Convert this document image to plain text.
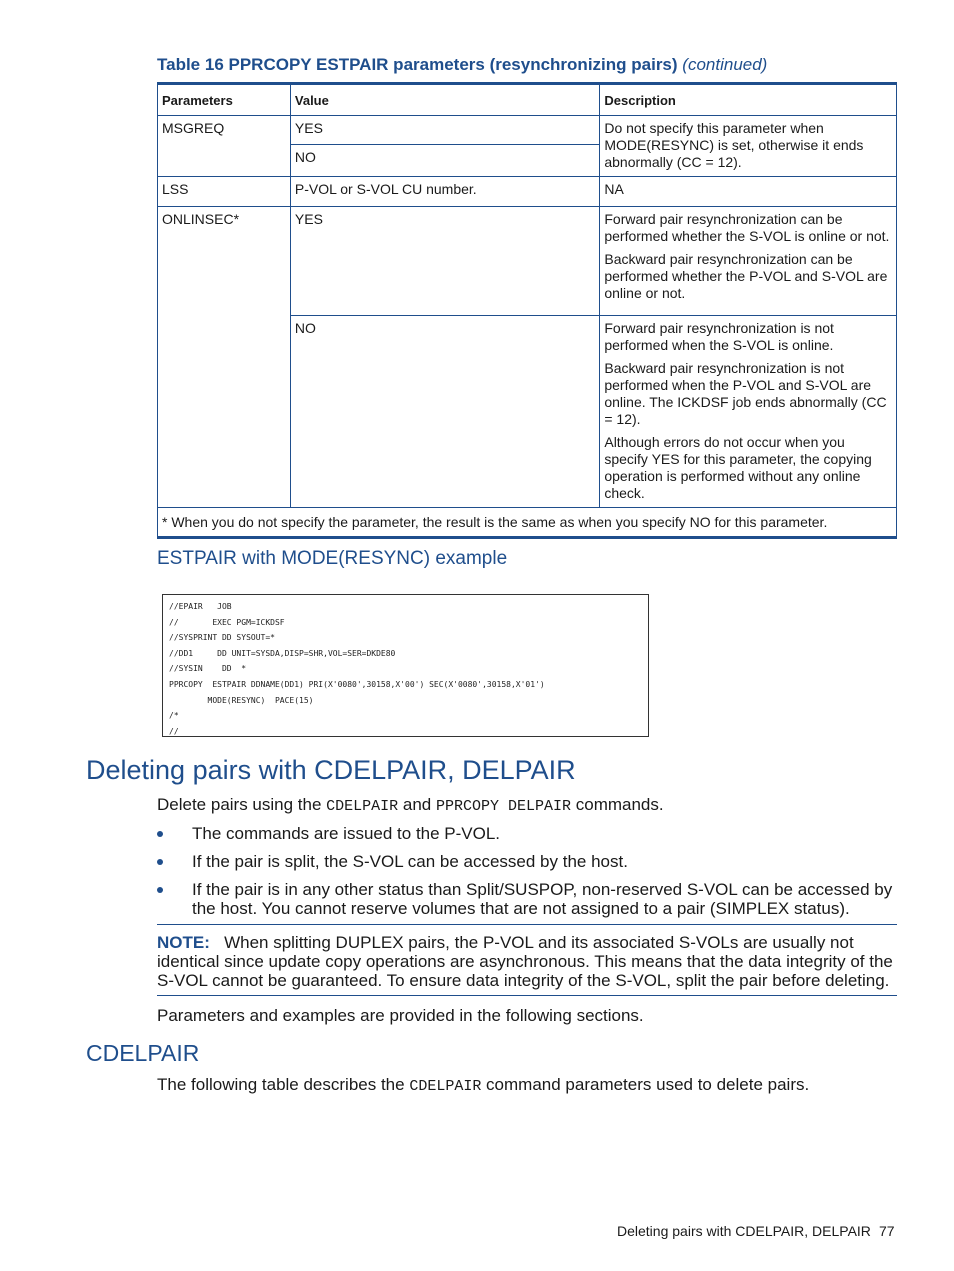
Table 16 PPRCOPY ESTPAIR parameters (resynchronizing pairs) (continued)
Parameters	Value	Description
MSGREQ	YES	Do not specify this parameter when MODE(RESYNC) is set, otherwise it ends abnormally (CC = 12).
	NO	
LSS	P-VOL or S-VOL CU number.	NA
ONLINSEC*	YES	Forward pair resynchronization can be performed whether the S-VOL is online or not.

Backward pair resynchronization can be performed whether the P-VOL and S-VOL are online or not.

	NO	Forward pair resynchronization is not performed when the S-VOL is online.

Backward pair resynchronization is not performed when the P-VOL and S-VOL are online. The ICKDSF job ends abnormally (CC = 12).

Although errors do not occur when you specify YES for this parameter, the copying operation is performed without any online check.

* When you do not specify the parameter, the result is the same as when you specify NO for this parameter.		
ESTPAIR with MODE(RESYNC) example
//EPAIR   JOB
//       EXEC PGM=ICKDSF
//SYSPRINT DD SYSOUT=*
//DD1     DD UNIT=SYSDA,DISP=SHR,VOL=SER=DKDE80
//SYSIN    DD  *
PPRCOPY  ESTPAIR DDNAME(DD1) PRI(X'0080',30158,X'00') SEC(X'0080',30158,X'01')
MODE(RESYNC)  PACE(15)
/*
//
Deleting pairs with CDELPAIR, DELPAIR
Delete pairs using the CDELPAIR and PPRCOPY DELPAIR commands.
The commands are issued to the P-VOL.
If the pair is split, the S-VOL can be accessed by the host.
If the pair is in any other status than Split/SUSPOP, non-reserved S-VOL can be accessed by the host. You cannot reserve volumes that are not assigned to a pair (SIMPLEX status).
NOTE: When splitting DUPLEX pairs, the P-VOL and its associated S-VOLs are usually not identical since update copy operations are asynchronous. This means that the data integrity of the S-VOL cannot be guaranteed. To ensure data integrity of the S-VOL, split the pair before deleting.
Parameters and examples are provided in the following sections.
CDELPAIR
The following table describes the CDELPAIR command parameters used to delete pairs.
Deleting pairs with CDELPAIR, DELPAIR 77
